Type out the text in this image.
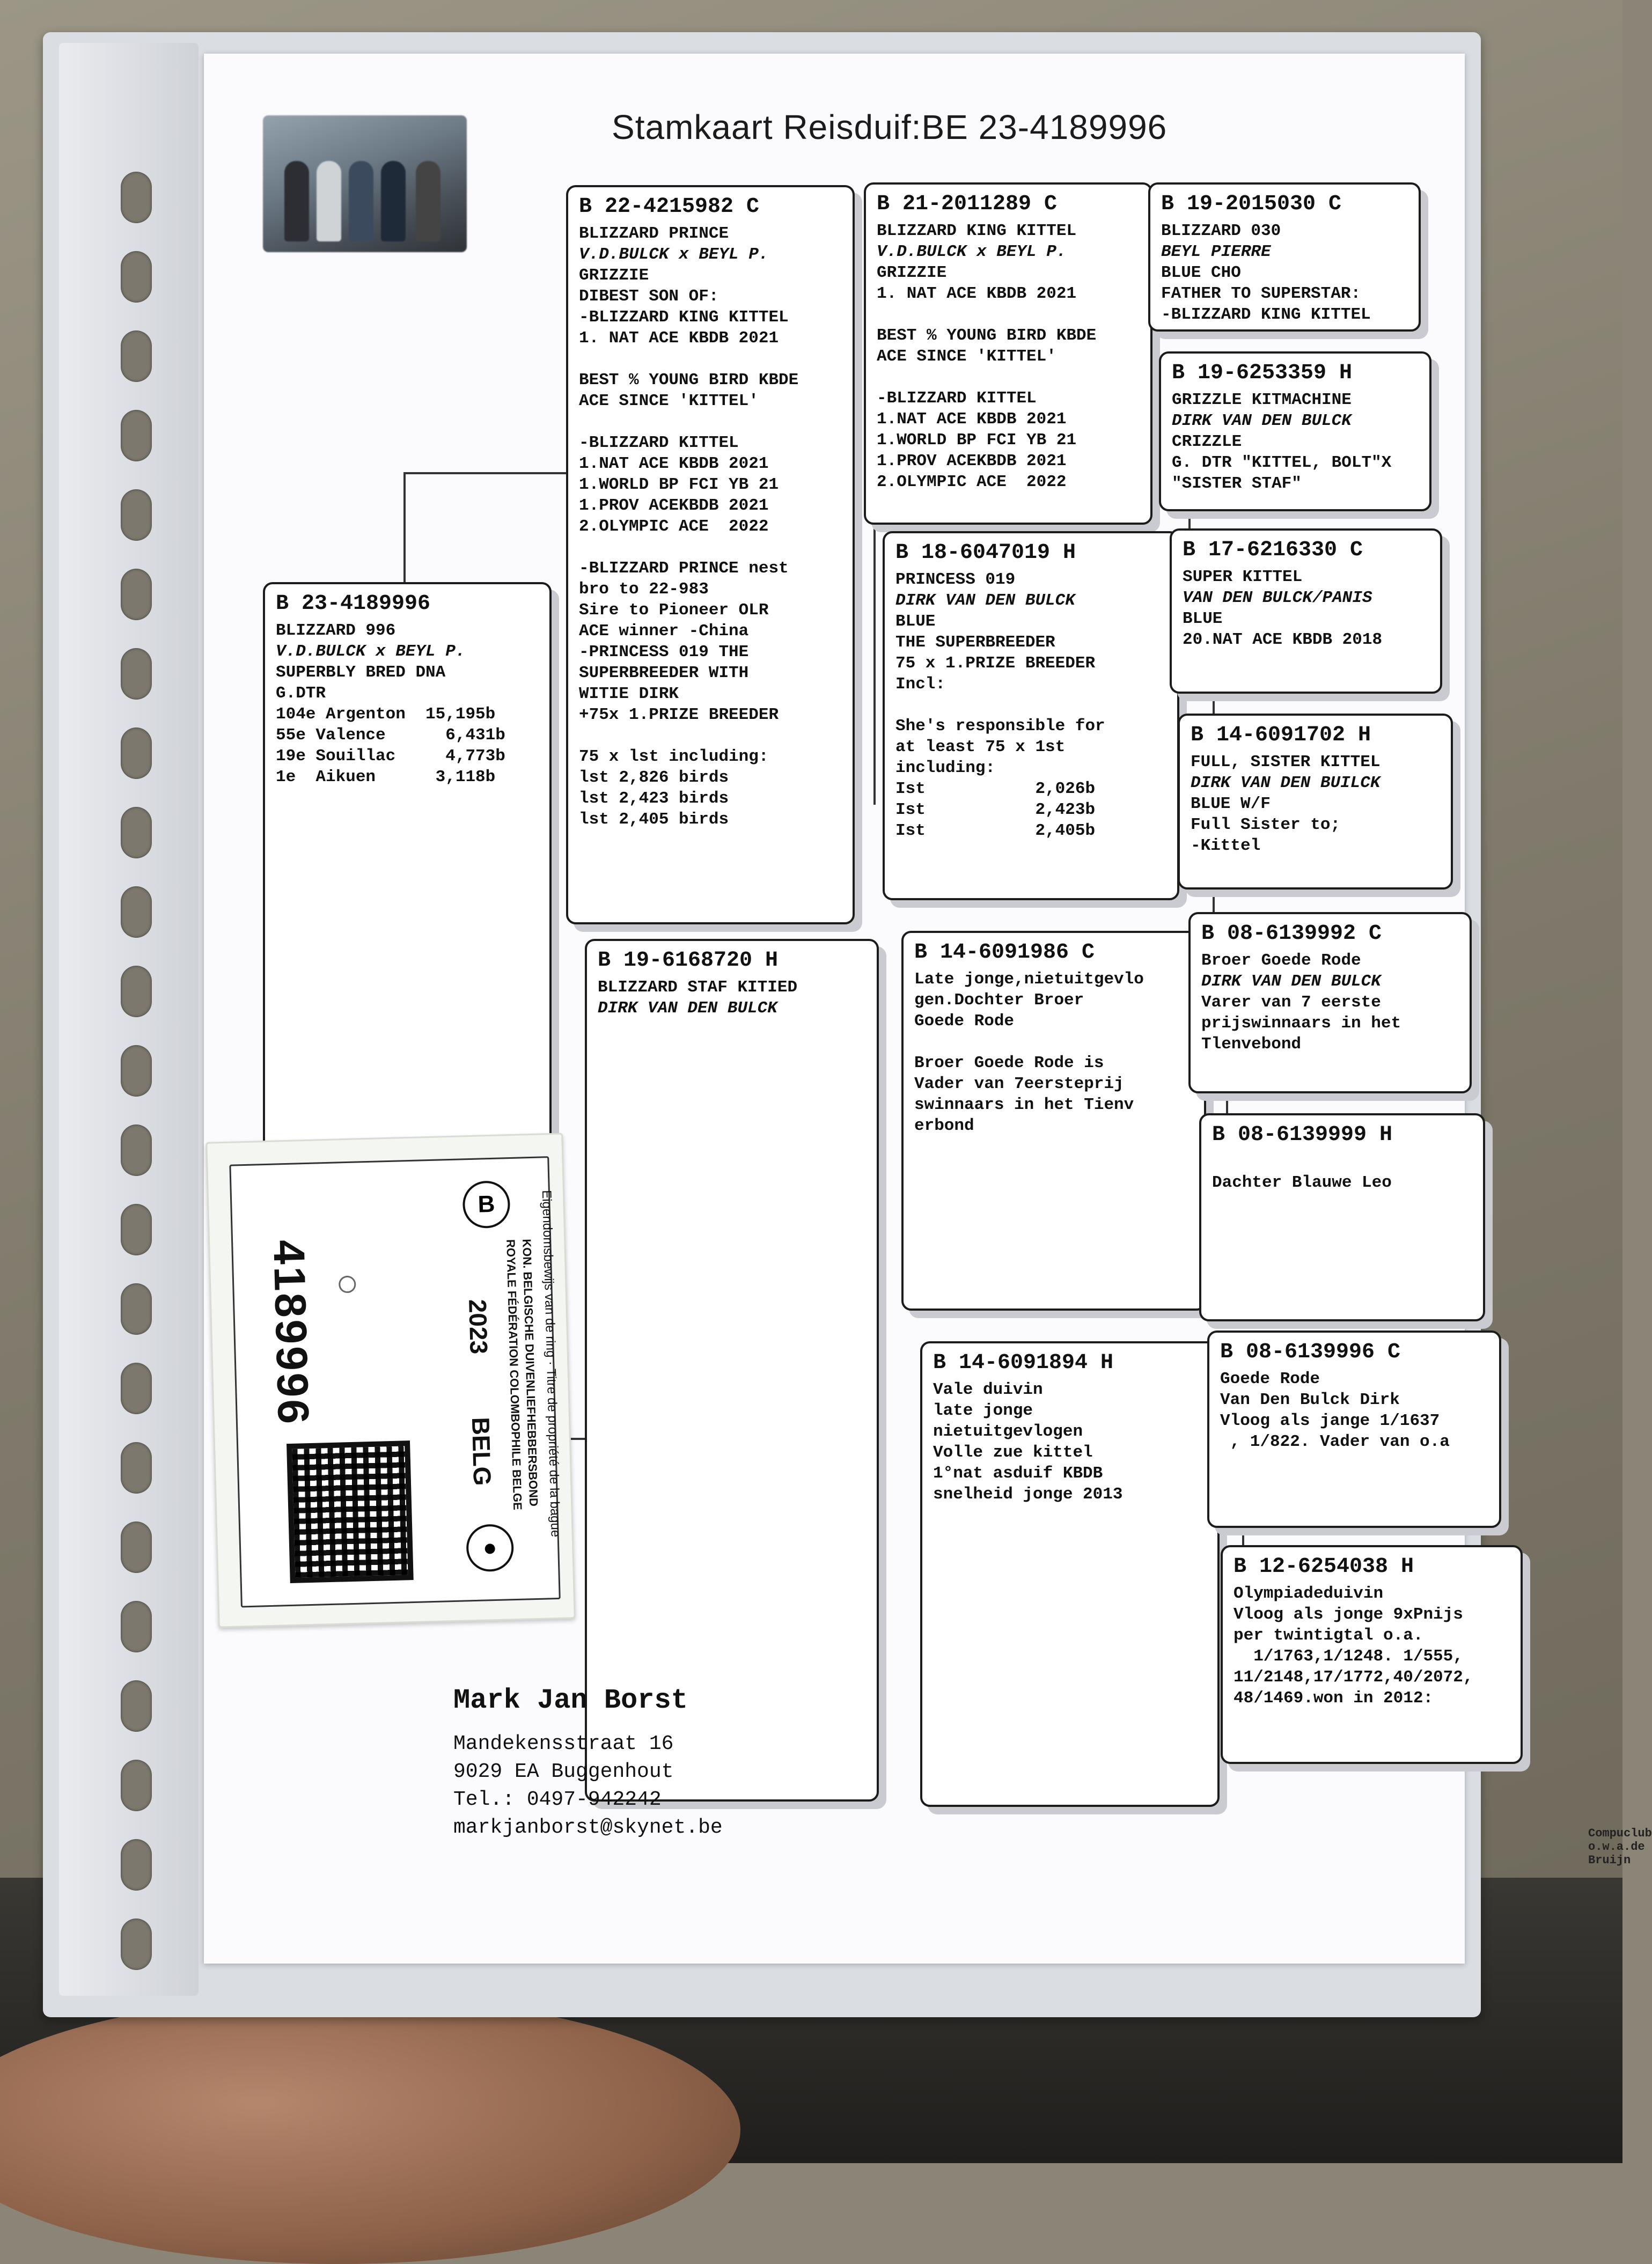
Stamkaart Reisduif:BE 23-4189996
B 23-4189996
BLIZZARD 996
V.D.BULCK x BEYL P.
SUPERBLY BRED DNA
G.DTR
104e Argenton  15,195b
55e Valence      6,431b
19e Souillac     4,773b
1e  Aikuen      3,118b
B 22-4215982 C
BLIZZARD PRINCE
V.D.BULCK x BEYL P.
GRIZZIE
DIBEST SON OF:
-BLIZZARD KING KITTEL
1. NAT ACE KBDB 2021

BEST % YOUNG BIRD KBDE
ACE SINCE 'KITTEL'

-BLIZZARD KITTEL
1.NAT ACE KBDB 2021
1.WORLD BP FCI YB 21
1.PROV ACEKBDB 2021
2.OLYMPIC ACE  2022

-BLIZZARD PRINCE nest
bro to 22-983
Sire to Pioneer OLR
ACE winner -China
-PRINCESS 019 THE
SUPERBREEDER WITH
WITIE DIRK
+75x 1.PRIZE BREEDER

75 x lst including:
lst 2,826 birds
lst 2,423 birds
lst 2,405 birds
B 19-6168720 H
BLIZZARD STAF KITIED
DIRK VAN DEN BULCK
B 21-2011289 C
BLIZZARD KING KITTEL
V.D.BULCK x BEYL P.
GRIZZIE
1. NAT ACE KBDB 2021

BEST % YOUNG BIRD KBDE
ACE SINCE 'KITTEL'

-BLIZZARD KITTEL
1.NAT ACE KBDB 2021
1.WORLD BP FCI YB 21
1.PROV ACEKBDB 2021
2.OLYMPIC ACE  2022
B 18-6047019 H
PRINCESS 019
DIRK VAN DEN BULCK
BLUE
THE SUPERBREEDER
75 x 1.PRIZE BREEDER
Incl:

She's responsible for
at least 75 x 1st
including:
Ist           2,026b
Ist           2,423b
Ist           2,405b
B 14-6091986 C
Late jonge,nietuitgevlo
gen.Dochter Broer
Goede Rode

Broer Goede Rode is
Vader van 7eersteprij
swinnaars in het Tienv
erbond
B 14-6091894 H
Vale duivin
late jonge
nietuitgevlogen
Volle zue kittel
1°nat asduif KBDB
snelheid jonge 2013
B 19-2015030 C
BLIZZARD 030
BEYL PIERRE
BLUE CHO
FATHER TO SUPERSTAR:
-BLIZZARD KING KITTEL
B 19-6253359 H
GRIZZLE KITMACHINE
DIRK VAN DEN BULCK
CRIZZLE
G. DTR "KITTEL, BOLT"X
"SISTER STAF"
B 17-6216330 C
SUPER KITTEL
VAN DEN BULCK/PANIS
BLUE
20.NAT ACE KBDB 2018
B 14-6091702 H
FULL, SISTER KITTEL
DIRK VAN DEN BUILCK
BLUE W/F
Full Sister to;
-Kittel
B 08-6139992 C
Broer Goede Rode
DIRK VAN DEN BULCK
Varer van 7 eerste
prijswinnaars in het
Tlenvebond
B 08-6139999 H

Dachter Blauwe Leo
B 08-6139996 C
Goede Rode
Van Den Bulck Dirk
Vloog als jange 1/1637
, 1/822. Vader van o.a
B 12-6254038 H
Olympiadeduivin
Vloog als jonge 9xPnijs
per twintigtal o.a.
1/1763,1/1248. 1/555,
11/2148,17/1772,40/2072,
48/1469.won in 2012:
Compuclub o.w.a.de Bruijn
Mark Jan Borst
Mandekensstraat 16
9029 EA Buggenhout
Tel.: 0497-942242
markjanborst@skynet.be
4189996
B
KON. BELGISCHE DUIVENLIEFHEBBERSBOND
ROYALE FÉDÉRATION COLOMBOPHILE BELGE
2023
BELG	Eigendomsbewijs van de ring · Titre de propriété de la bague
●
